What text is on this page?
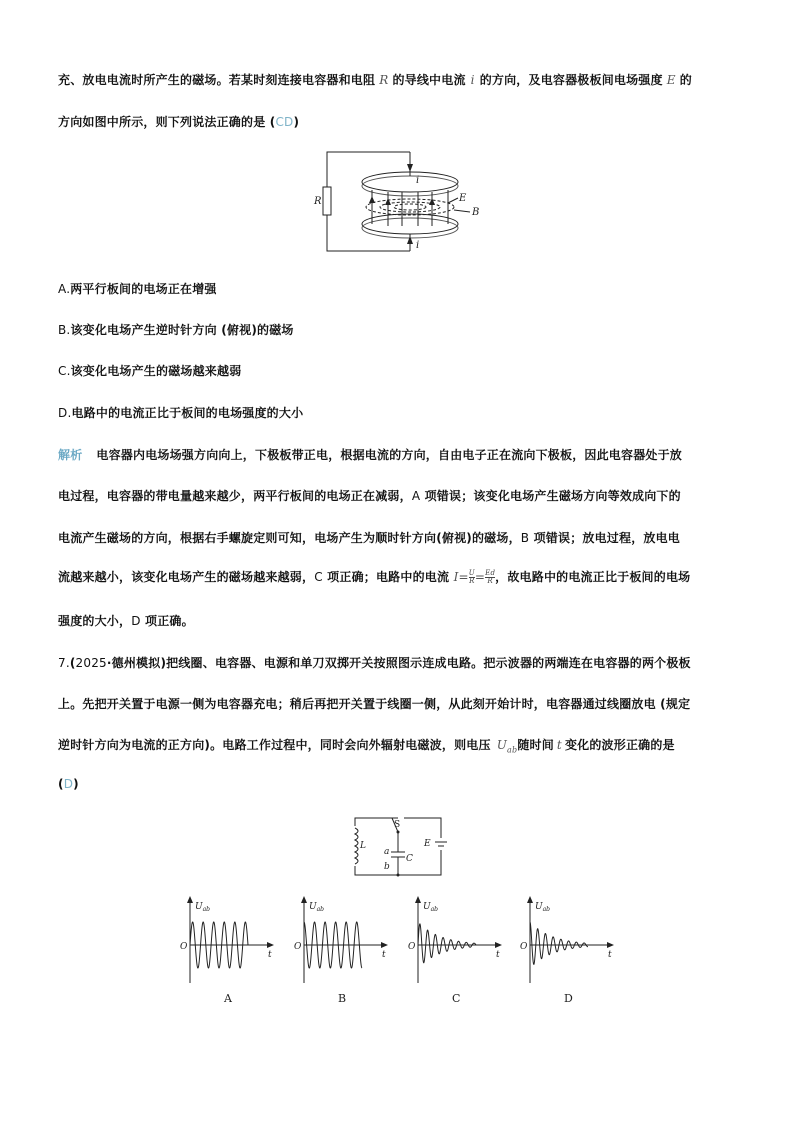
充、放电电流时所产生的磁场。若某时刻连接电容器和电阻 R 的导线中电流 i 的方向，及电容器极板间电场强度 E 的
方向如图中所示，则下列说法正确的是 (CD)
R
i
i
E
B
A.两平行板间的电场正在增强
B.该变化电场产生逆时针方向 (俯视)的磁场
C.该变化电场产生的磁场越来越弱
D.电路中的电流正比于板间的电场强度的大小
解析 电容器内电场场强方向向上，下极板带正电，根据电流的方向，自由电子正在流向下极板，因此电容器处于放
电过程，电容器的带电量越来越少，两平行板间的电场正在减弱，A 项错误；该变化电场产生磁场方向等效成向下的
电流产生磁场的方向，根据右手螺旋定则可知，电场产生为顺时针方向(俯视)的磁场，B 项错误；放电过程，放电电
流越来越小，该变化电场产生的磁场越来越弱，C 项正确；电路中的电流 $I= \frac{U}{R} = \frac{Ed}{R}$ ，故电路中的电流正比于板间的电场
强度的大小，D 项正确。
7.(2025·德州模拟)把线圈、电容器、电源和单刀双掷开关按照图示连成电路。把示波器的两端连在电容器的两个极板
上。先把开关置于电源一侧为电容器充电；稍后再把开关置于线圈一侧，从此刻开始计时，电容器通过线圈放电 (规定
逆时针方向为电流的正方向)。电路工作过程中，同时会向外辐射电磁波，则电压 $U_{ab}$随时间 t 变化的波形正确的是
(D)
S
L
a
b
C
E
$U_{ab}$
t
O
A
$U_{ab}$
t
O
B
$U_{ab}$
t
O
C
$U_{ab}$
t
O
D
